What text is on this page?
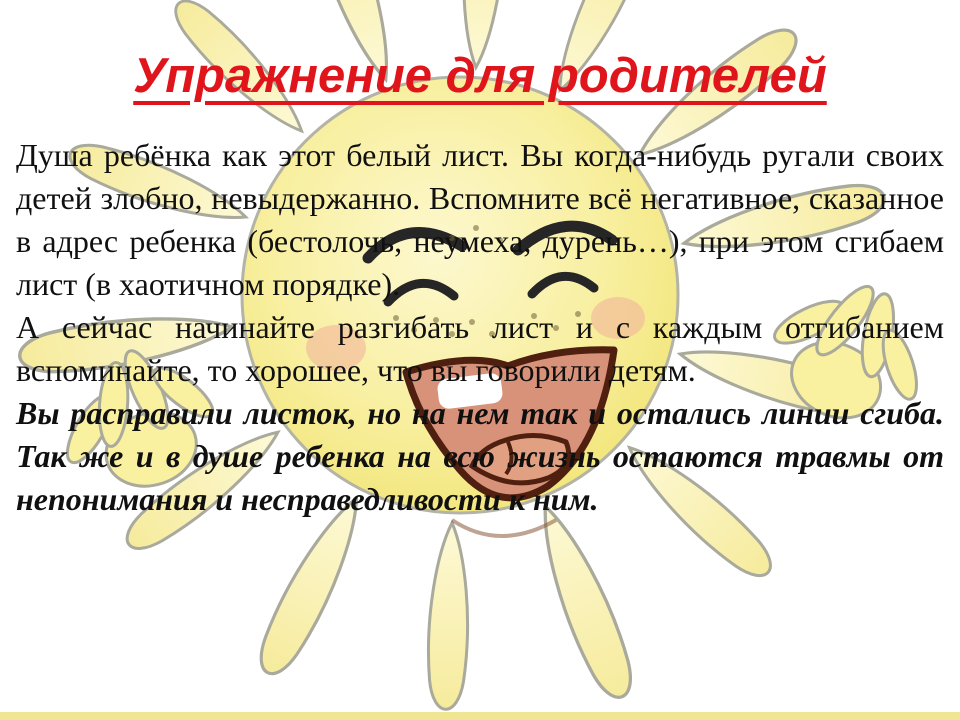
Упражнение для родителей

Душа ребёнка как этот белый лист. Вы когда-нибудь ругали своих детей злобно, невыдержанно. Вспомните всё негативное, сказанное в адрес ребенка (бестолочь, неумеха, дурень…), при этом сгибаем лист (в хаотичном порядке).

А сейчас начинайте разгибать лист и с каждым отгибанием вспоминайте, то хорошее, что вы говорили детям.

Вы расправили листок, но на нем так и остались линии сгиба. Так же и в душе ребенка на всю жизнь остаются травмы от непонимания и несправедливости к ним.
